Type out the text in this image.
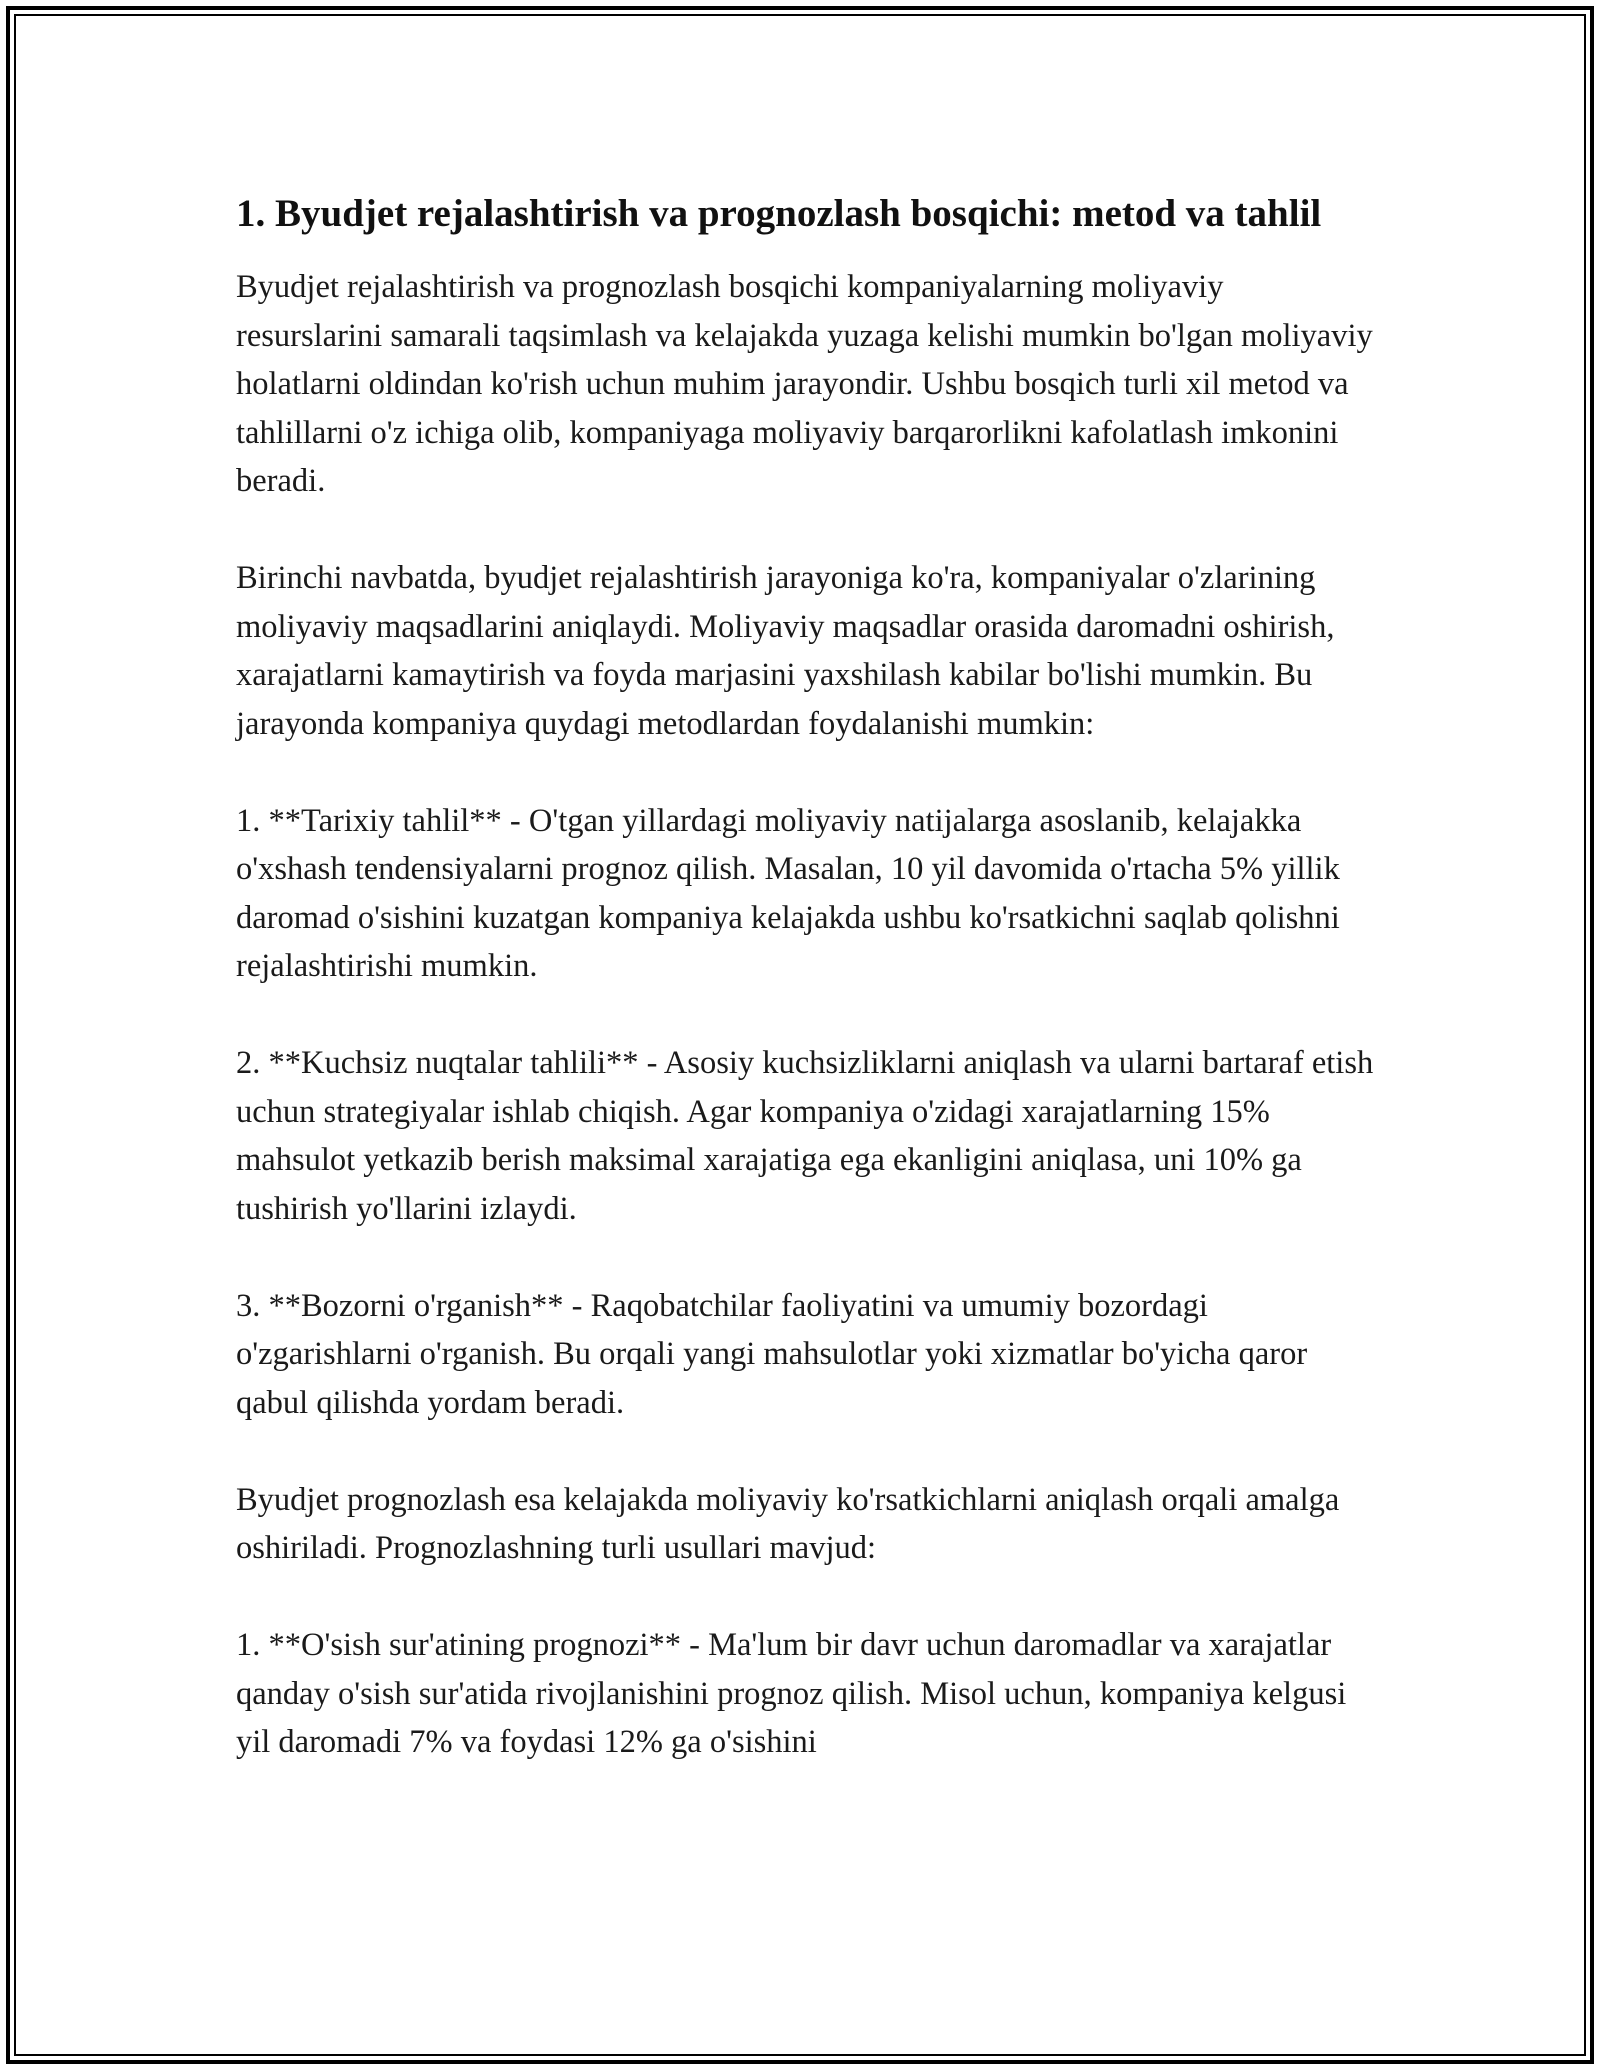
1. Byudjet rejalashtirish va prognozlash bosqichi: metod va tahlil

Byudjet rejalashtirish va prognozlash bosqichi kompaniyalarning moliyaviy resurslarini samarali taqsimlash va kelajakda yuzaga kelishi mumkin bo'lgan moliyaviy holatlarni oldindan ko'rish uchun muhim jarayondir. Ushbu bosqich turli xil metod va tahlillarni o'z ichiga olib, kompaniyaga moliyaviy barqarorlikni kafolatlash imkonini beradi.

Birinchi navbatda, byudjet rejalashtirish jarayoniga ko'ra, kompaniyalar o'zlarining moliyaviy maqsadlarini aniqlaydi. Moliyaviy maqsadlar orasida daromadni oshirish, xarajatlarni kamaytirish va foyda marjasini yaxshilash kabilar bo'lishi mumkin. Bu jarayonda kompaniya quydagi metodlardan foydalanishi mumkin:

1. **Tarixiy tahlil** - O'tgan yillardagi moliyaviy natijalarga asoslanib, kelajakka o'xshash tendensiyalarni prognoz qilish. Masalan, 10 yil davomida o'rtacha 5% yillik daromad o'sishini kuzatgan kompaniya kelajakda ushbu ko'rsatkichni saqlab qolishni rejalashtirishi mumkin.

2. **Kuchsiz nuqtalar tahlili** - Asosiy kuchsizliklarni aniqlash va ularni bartaraf etish uchun strategiyalar ishlab chiqish. Agar kompaniya o'zidagi xarajatlarning 15% mahsulot yetkazib berish maksimal xarajatiga ega ekanligini aniqlasa, uni 10% ga tushirish yo'llarini izlaydi.

3. **Bozorni o'rganish** - Raqobatchilar faoliyatini va umumiy bozordagi o'zgarishlarni o'rganish. Bu orqali yangi mahsulotlar yoki xizmatlar bo'yicha qaror qabul qilishda yordam beradi.

Byudjet prognozlash esa kelajakda moliyaviy ko'rsatkichlarni aniqlash orqali amalga oshiriladi. Prognozlashning turli usullari mavjud:

1. **O'sish sur'atining prognozi** - Ma'lum bir davr uchun daromadlar va xarajatlar qanday o'sish sur'atida rivojlanishini prognoz qilish. Misol uchun, kompaniya kelgusi yil daromadi 7% va foydasi 12% ga o'sishini
